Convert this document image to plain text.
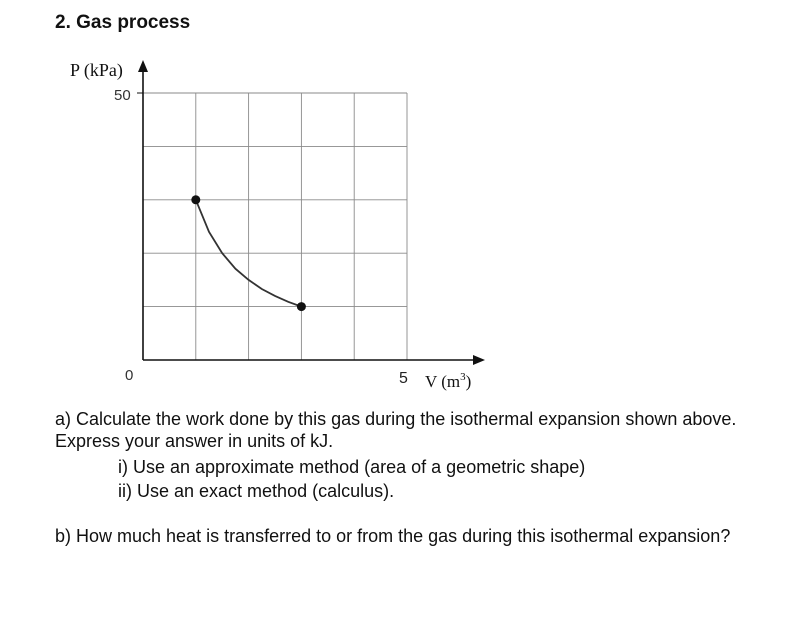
2. Gas process
P (kPa)
50
0	5 V $(m^3)$

a) Calculate the work done by this gas during the isothermal expansion shown above. Express your answer in units of kJ.

i) Use an approximate method (area of a geometric shape)

ii) Use an exact method (calculus).

b) How much heat is transferred to or from the gas during this isothermal expansion?
